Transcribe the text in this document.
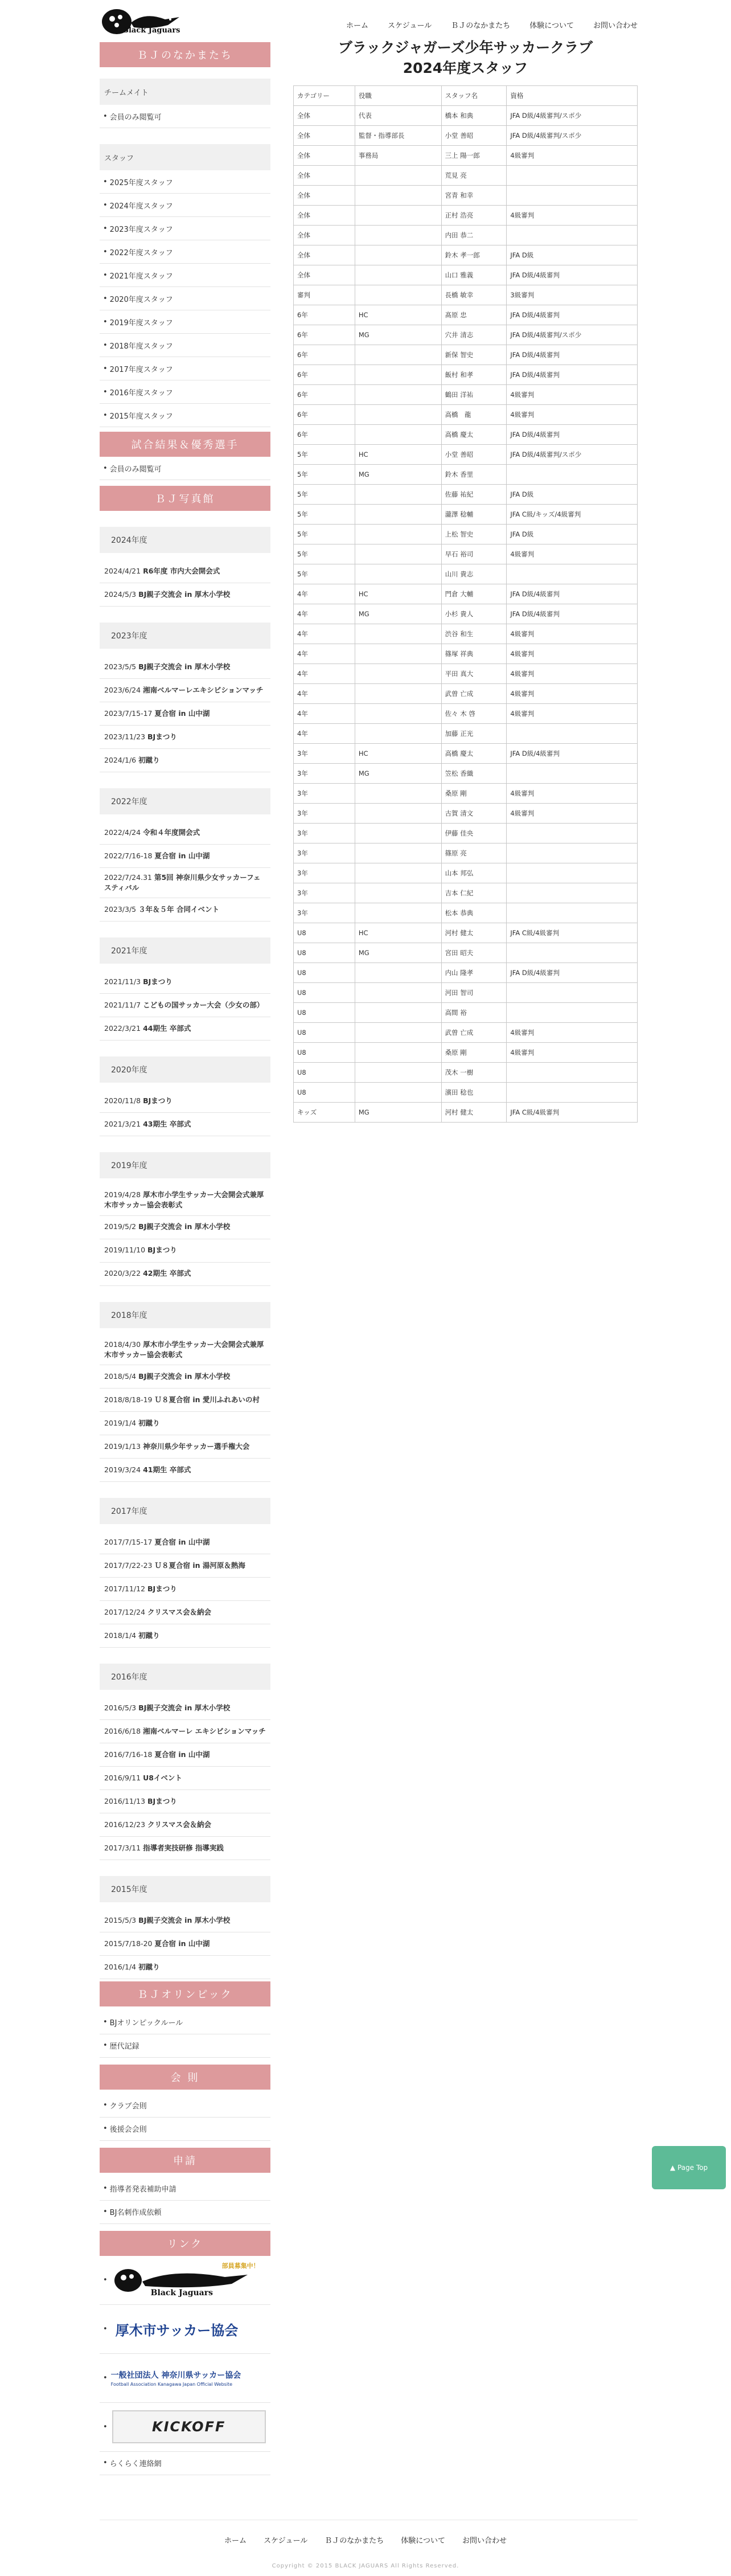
Black Jaguars
ホーム	スケジュール	ＢＪのなかまたち	体験について	お問い合わせ
ＢＪのなかまたち
チームメイト
• 会員のみ閲覧可
スタッフ
• 2025年度スタッフ
• 2024年度スタッフ
• 2023年度スタッフ
• 2022年度スタッフ
• 2021年度スタッフ
• 2020年度スタッフ
• 2019年度スタッフ
• 2018年度スタッフ
• 2017年度スタッフ
• 2016年度スタッフ
• 2015年度スタッフ
試合結果＆優秀選手
• 会員のみ閲覧可
ＢＪ写真館
2024年度
2024/4/21 R6年度 市内大会開会式
2024/5/3 BJ親子交流会 in 厚木小学校
2023年度
2023/5/5 BJ親子交流会 in 厚木小学校
2023/6/24 湘南ベルマーレエキシビションマッチ
2023/7/15-17 夏合宿 in 山中湖
2023/11/23 BJまつり
2024/1/6 初蹴り
2022年度
2022/4/24 令和４年度開会式
2022/7/16-18 夏合宿 in 山中湖
2022/7/24.31 第5回 神奈川県少女サッカーフェスティバル
2023/3/5 ３年＆５年 合同イベント
2021年度
2021/11/3 BJまつり
2021/11/7 こどもの国サッカー大会（少女の部）
2022/3/21 44期生 卒部式
2020年度
2020/11/8 BJまつり
2021/3/21 43期生 卒部式
2019年度
2019/4/28 厚木市小学生サッカー大会開会式兼厚木市サッカー協会表彰式
2019/5/2 BJ親子交流会 in 厚木小学校
2019/11/10 BJまつり
2020/3/22 42期生 卒部式
2018年度
2018/4/30 厚木市小学生サッカー大会開会式兼厚木市サッカー協会表彰式
2018/5/4 BJ親子交流会 in 厚木小学校
2018/8/18-19 Ｕ８夏合宿 in 愛川ふれあいの村
2019/1/4 初蹴り
2019/1/13 神奈川県少年サッカー選手権大会
2019/3/24 41期生 卒部式
2017年度
2017/7/15-17 夏合宿 in 山中湖
2017/7/22-23 Ｕ８夏合宿 in 湯河原＆熱海
2017/11/12 BJまつり
2017/12/24 クリスマス会＆納会
2018/1/4 初蹴り
2016年度
2016/5/3 BJ親子交流会 in 厚木小学校
2016/6/18 湘南ベルマーレ エキシビションマッチ
2016/7/16-18 夏合宿 in 山中湖
2016/9/11 U8イベント
2016/11/13 BJまつり
2016/12/23 クリスマス会＆納会
2017/3/11 指導者実技研修 指導実践
2015年度
2015/5/3 BJ親子交流会 in 厚木小学校
2015/7/18-20 夏合宿 in 山中湖
2016/1/4 初蹴り
ＢＪオリンピック
• BJオリンピックルール
• 歴代記録
会 則
• クラブ会則
• 後援会会則
申請
• 指導者発表補助申請
• BJ名刺作成依頼
リンク
•
部員募集中！
Black Jaguars
• 厚木市サッカー協会
• 一般社団法人 神奈川県サッカー協会
Football Association Kanagawa Japan Official Website
•	KICKOFF
• らくらく連絡網
ブラックジャガーズ少年サッカークラブ
2024年度スタッフ
カテゴリー	役職	スタッフ名	資格
全体	代表	橋本 和典	JFA D級/4級審判/スポ少
全体	監督・指導部長	小堂 善昭	JFA D級/4級審判/スポ少
全体	事務局	三上 陽一郎	4級審判
全体		荒見 亮	
全体		宮青 和幸	
全体		正村 浩亮	4級審判
全体		内田 恭二	
全体		鈴木 孝一郎	JFA D級
全体		山口 雅義	JFA D級/4級審判
審判		長橋 敏幸	3級審判
6年	HC	髙原 忠	JFA D級/4級審判
6年	MG	穴井 清志	JFA D級/4級審判/スポ少
6年		新保 智史	JFA D級/4級審判
6年		飯村 和孝	JFA D級/4級審判
6年		鶴田 洋祐	4級審判
6年		高橋　龍	4級審判
6年		高橋 慶太	JFA D級/4級審判
5年	HC	小堂 善昭	JFA D級/4級審判/スポ少
5年	MG	鈴木 香里	
5年		佐藤 祐紀	JFA D級
5年		瀧澤 稔輔	JFA C級/キッズ/4級審判
5年		上松 智史	JFA D級
5年		早石 裕司	4級審判
5年		山川 貴志	
4年	HC	門倉 大輔	JFA D級/4級審判
4年	MG	小杉 貴人	JFA D級/4級審判
4年		渋谷 和生	4級審判
4年		篠塚 祥典	4級審判
4年		平田 真大	4級審判
4年		武曽 亡成	4級審判
4年		佐々 木 啓	4級審判
4年		加藤 正光	
3年	HC	高橋 慶太	JFA D級/4級審判
3年	MG	笠松 香織	
3年		桑原 剛	4級審判
3年		古賀 清文	4級審判
3年		伊藤 佳央	
3年		篠原 亮	
3年		山本 邦弘	
3年		吉本 仁紀	
3年		松本 恭典	
U8	HC	河村 健太	JFA C級/4級審判
U8	MG	宮田 昭夫	
U8		内山 隆孝	JFA D級/4級審判
U8		河田 智司	
U8		高間 裕	
U8		武曽 亡成	4級審判
U8		桑原 剛	4級審判
U8		茂木 一樹	
U8		濱田 稔也	
キッズ	MG	河村 健太	JFA C級/4級審判
▲ Page Top
ホーム スケジュール ＢＪのなかまたち 体験について お問い合わせ
Copyright © 2015 BLACK JAGUARS All Rights Reserved.
